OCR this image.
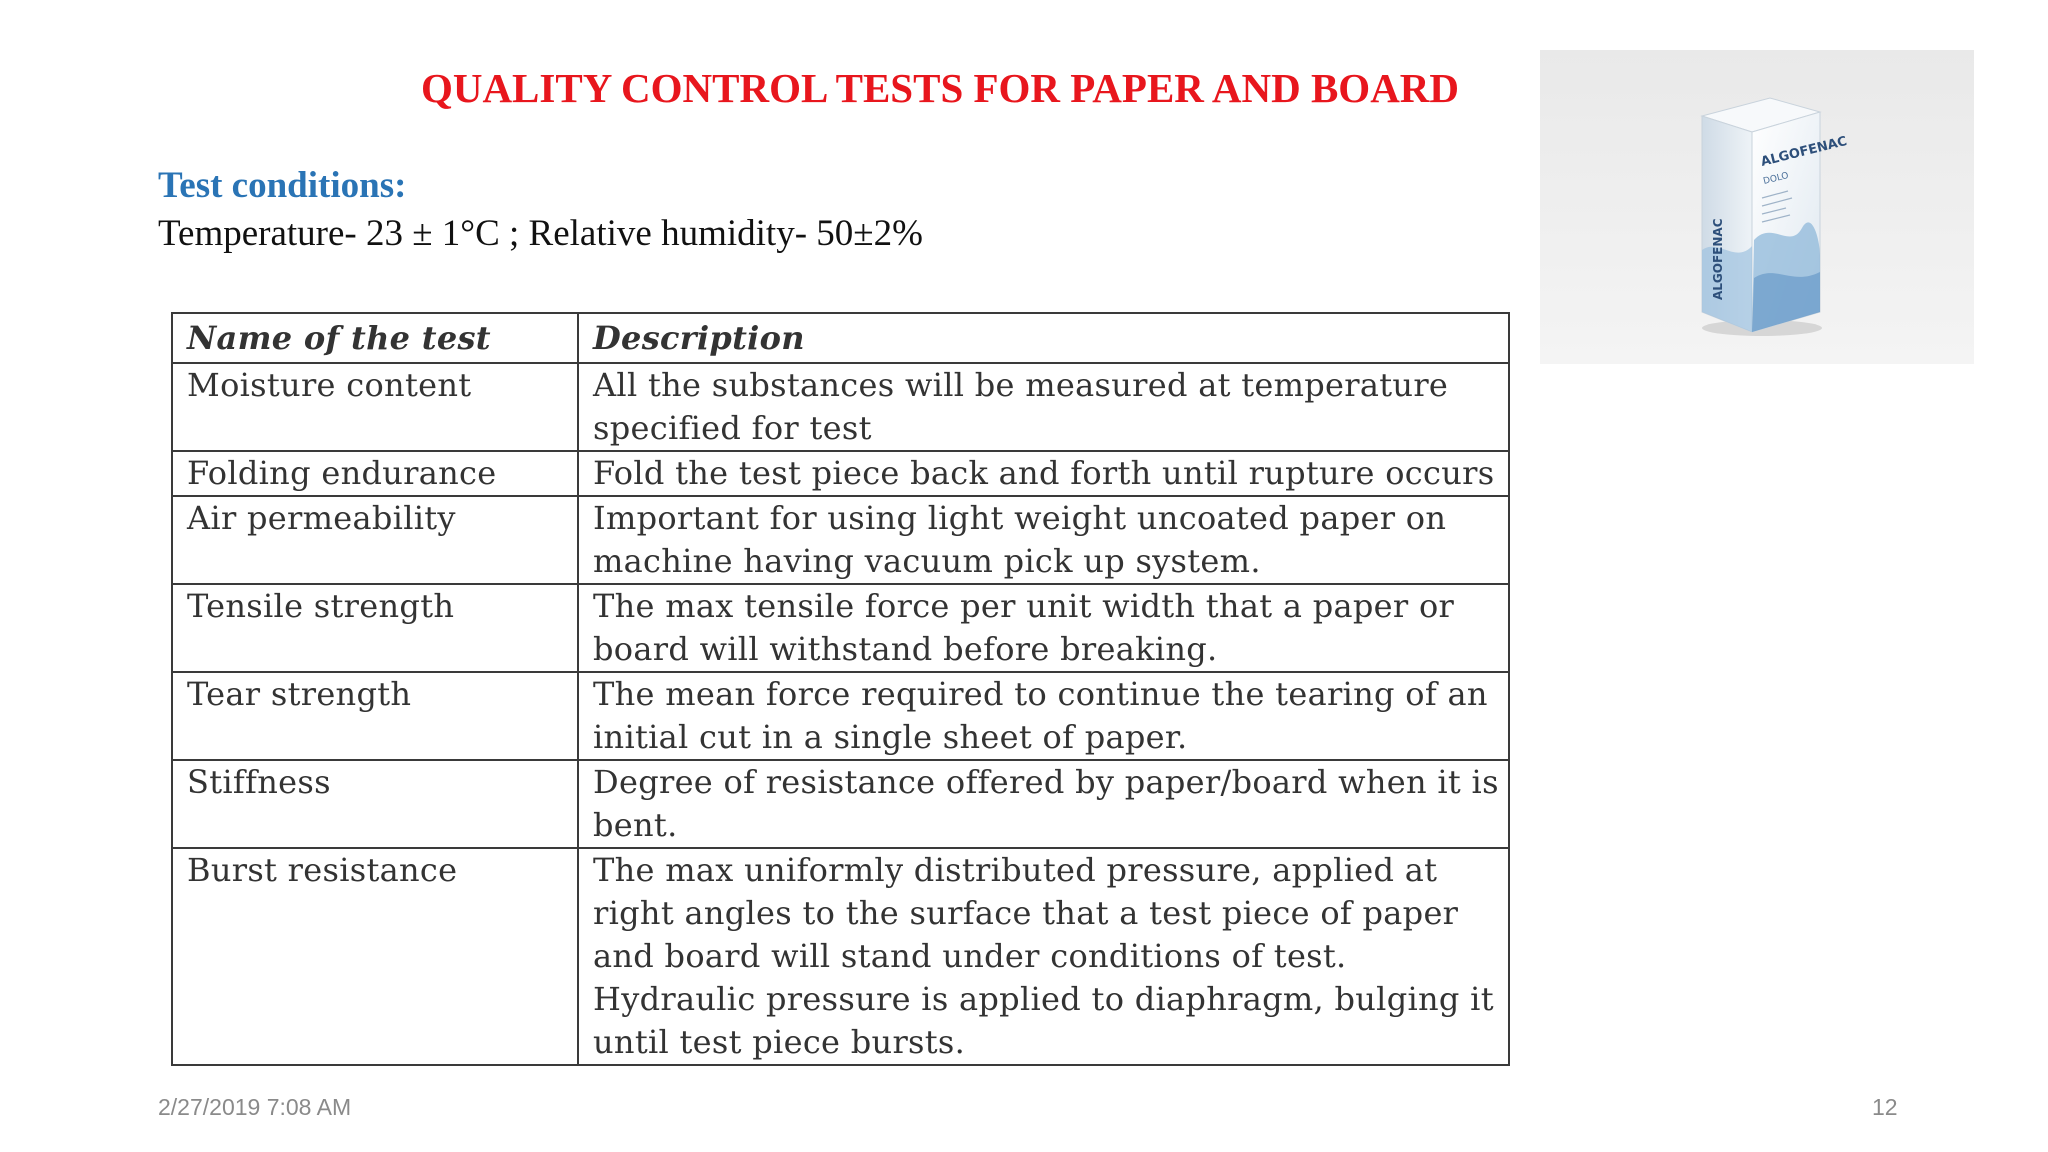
QUALITY CONTROL TESTS FOR PAPER AND BOARD
Test conditions:
Temperature- 23 ± 1°C ; Relative humidity- 50±2%
Name of the test	Description
Moisture content	All the substances will be measured at temperature specified for test
Folding endurance	Fold the test piece back and forth until rupture occurs
Air permeability	Important for using light weight uncoated paper on machine having vacuum pick up system.
Tensile strength	The max tensile force per unit width that a paper or board will withstand before breaking.
Tear strength	The mean force required to continue the tearing of an initial cut in a single sheet of paper.
Stiffness	Degree of resistance offered by paper/board when it is bent.
Burst resistance	The max uniformly distributed pressure, applied at right angles to the surface that a test piece of paper and board will stand under conditions of test. Hydraulic pressure is applied to diaphragm, bulging it until test piece bursts.
ALGOFENAC
DOLO
ALGOFENAC
2/27/2019 7:08 AM	12
